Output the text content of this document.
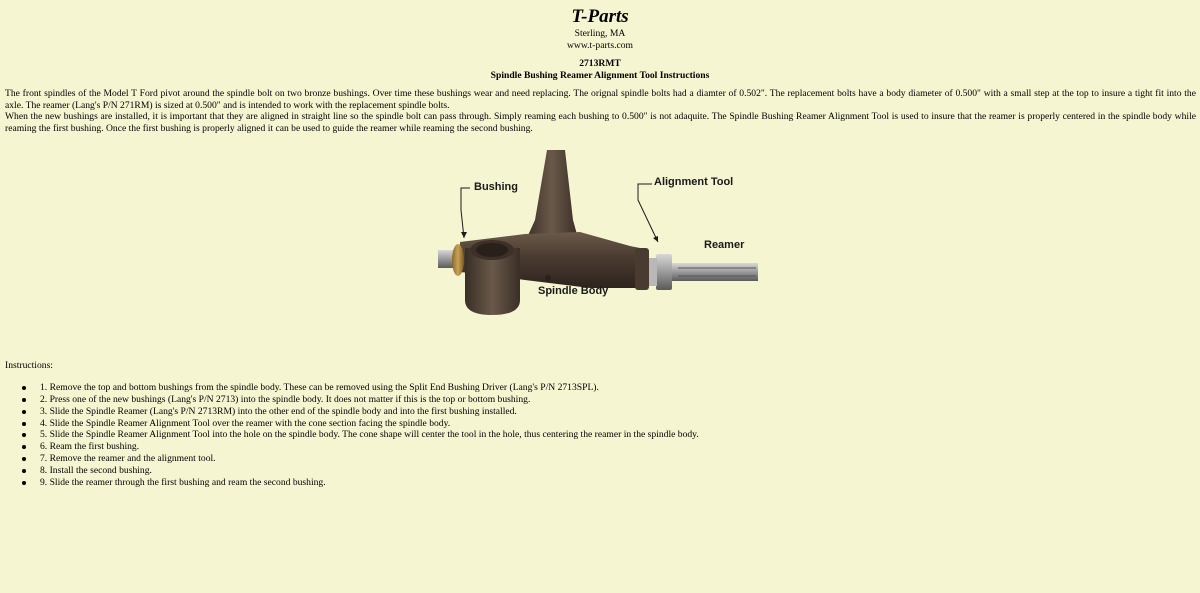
T-Parts
Sterling, MA
www.t-parts.com
2713RMT
Spindle Bushing Reamer Alignment Tool Instructions
The front spindles of the Model T Ford pivot around the spindle bolt on two bronze bushings. Over time these bushings wear and need replacing. The orignal spindle bolts had a diamter of 0.502". The replacement bolts have a body diameter of 0.500" with a small step at the top to insure a tight fit into the axle. The reamer (Lang's P/N 271RM) is sized at 0.500" and is intended to work with the replacement spindle bolts.
When the new bushings are installed, it is important that they are aligned in straight line so the spindle bolt can pass through. Simply reaming each bushing to 0.500" is not adaquite. The Spindle Bushing Reamer Alignment Tool is used to insure that the reamer is properly centered in the spindle body while reaming the first bushing. Once the first bushing is properly aligned it can be used to guide the reamer while reaming the second bushing.
Bushing	Alignment Tool
Reamer
Spindle Body
Instructions:
1. Remove the top and bottom bushings from the spindle body. These can be removed using the Split End Bushing Driver (Lang's P/N 2713SPL).
2. Press one of the new bushings (Lang's P/N 2713) into the spindle body. It does not matter if this is the top or bottom bushing.
3. Slide the Spindle Reamer (Lang's P/N 2713RM) into the other end of the spindle body and into the first bushing installed.
4. Slide the Spindle Reamer Alignment Tool over the reamer with the cone section facing the spindle body.
5. Slide the Spindle Reamer Alignment Tool into the hole on the spindle body. The cone shape will center the tool in the hole, thus centering the reamer in the spindle body.
6. Ream the first bushing.
7. Remove the reamer and the alignment tool.
8. Install the second bushing.
9. Slide the reamer through the first bushing and ream the second bushing.
